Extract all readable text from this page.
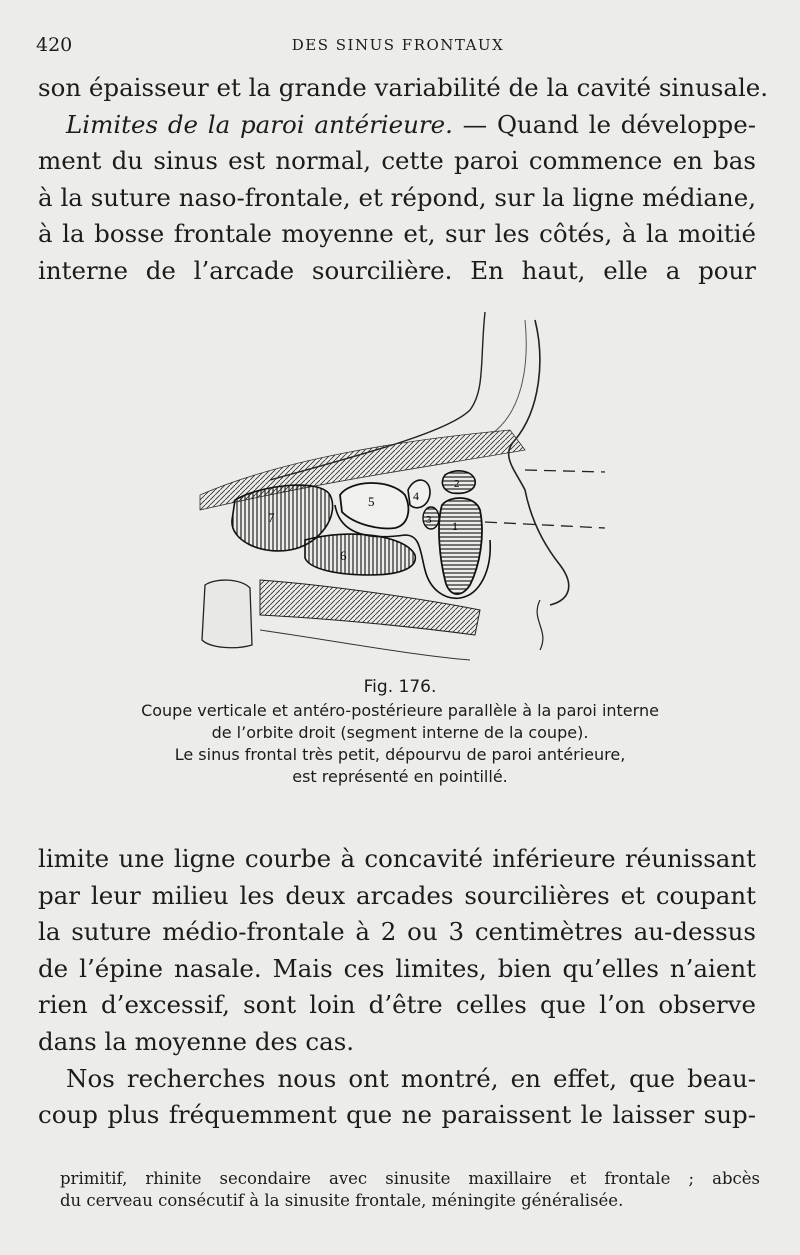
420	DES SINUS FRONTAUX
son épaisseur et la grande variabilité de la cavité sinusale.
Limites de la paroi antérieure. — Quand le développe-
ment du sinus est normal, cette paroi commence en bas
à la suture naso-frontale, et répond, sur la ligne médiane,
à la bosse frontale moyenne et, sur les côtés, à la moitié
interne de l’arcade sourcilière. En haut, elle a pour
7
5	4
3
2
1
6
Fig. 176.
Coupe verticale et antéro-postérieure parallèle à la paroi interne
de l’orbite droit (segment interne de la coupe).
Le sinus frontal très petit, dépourvu de paroi antérieure,
est représenté en pointillé.
limite une ligne courbe à concavité inférieure réunissant
par leur milieu les deux arcades sourcilières et coupant
la suture médio-frontale à 2 ou 3 centimètres au-dessus
de l’épine nasale. Mais ces limites, bien qu’elles n’aient
rien d’excessif, sont loin d’être celles que l’on observe
dans la moyenne des cas.
Nos recherches nous ont montré, en effet, que beau-
coup plus fréquemment que ne paraissent le laisser sup-
primitif, rhinite secondaire avec sinusite maxillaire et frontale ; abcès
du cerveau consécutif à la sinusite frontale, méningite généralisée.
